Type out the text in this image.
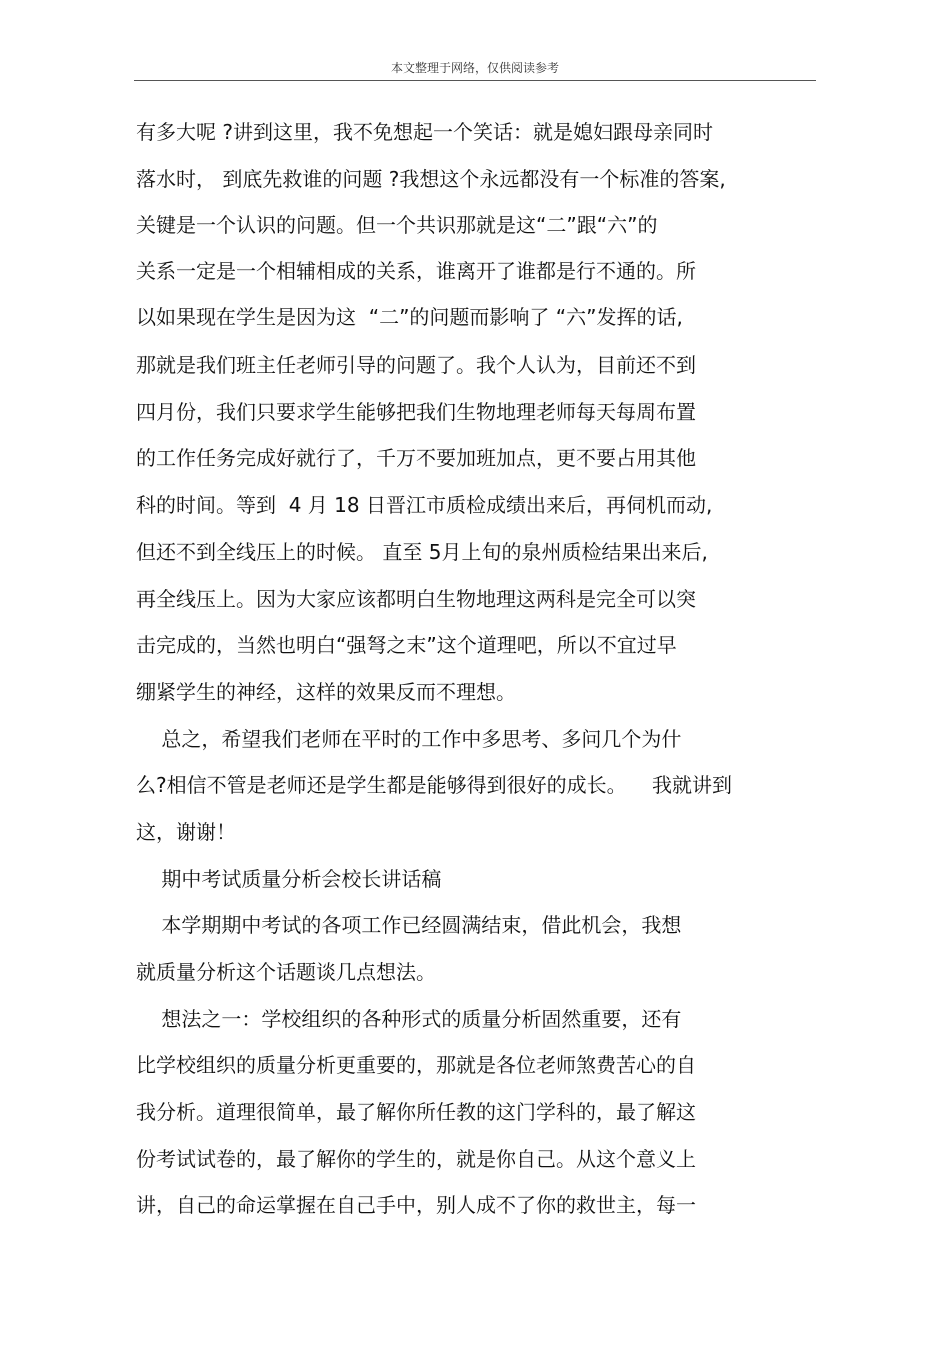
本文整理于网络，仅供阅读参考
有多大呢 ?讲到这里，我不免想起一个笑话：就是媳妇跟母亲同时
落水时， 到底先救谁的问题 ?我想这个永远都没有一个标准的答案,
关键是一个认识的问题。但一个共识那就是这“二”跟“六”的
关系一定是一个相辅相成的关系，谁离开了谁都是行不通的。所
以如果现在学生是因为这  “二”的问题而影响了 “六”发挥的话,
那就是我们班主任老师引导的问题了。我个人认为，目前还不到
四月份，我们只要求学生能够把我们生物地理老师每天每周布置
的工作任务完成好就行了，千万不要加班加点，更不要占用其他
科的时间。等到  4 月 18 日晋江市质检成绩出来后，再伺机而动,
但还不到全线压上的时候。 直至 5月上旬的泉州质检结果出来后,
再全线压上。因为大家应该都明白生物地理这两科是完全可以突
击完成的，当然也明白“强弩之末”这个道理吧，所以不宜过早
绷紧学生的神经，这样的效果反而不理想。
总之，希望我们老师在平时的工作中多思考、多问几个为什
么?相信不管是老师还是学生都是能够得到很好的成长。    我就讲到
这，谢谢！
期中考试质量分析会校长讲话稿
本学期期中考试的各项工作已经圆满结束，借此机会，我想
就质量分析这个话题谈几点想法。
想法之一：学校组织的各种形式的质量分析固然重要，还有
比学校组织的质量分析更重要的，那就是各位老师煞费苦心的自
我分析。道理很简单，最了解你所任教的这门学科的，最了解这
份考试试卷的，最了解你的学生的，就是你自己。从这个意义上
讲，自己的命运掌握在自己手中，别人成不了你的救世主，每一
